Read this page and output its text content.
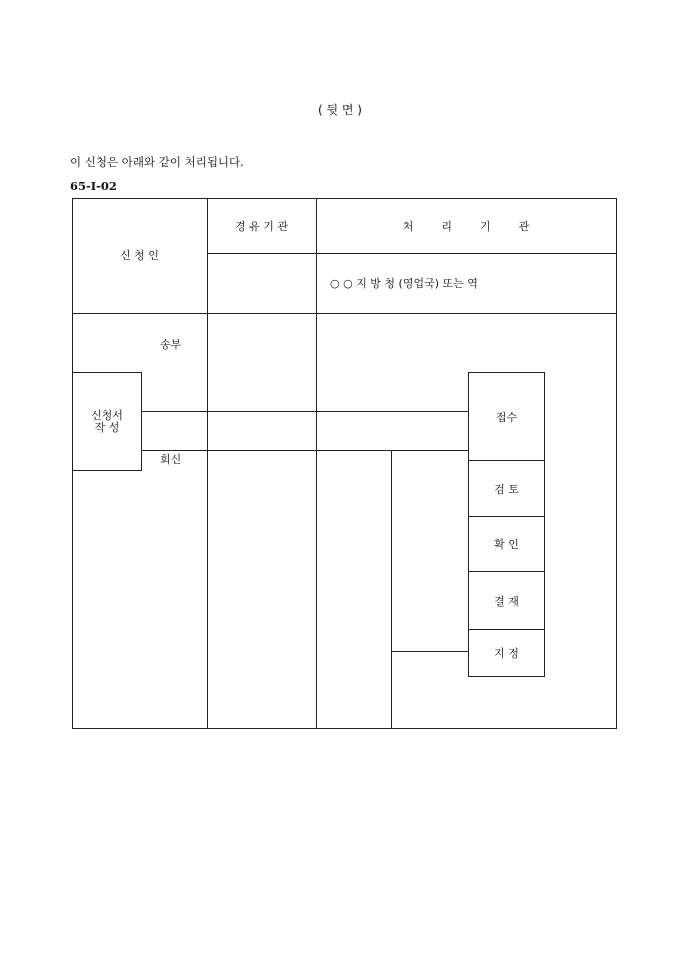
( 뒷 면 )
이 신청은 아래와 같이 처리됩니다.
65-I-02
신 청 인
경 유 기 관	처        리        기        관
○ ○ 지 방 청 (영업국) 또는 역
송부
회신
신청서
작 성
접수
검 토
확 인
결 재
지 정
